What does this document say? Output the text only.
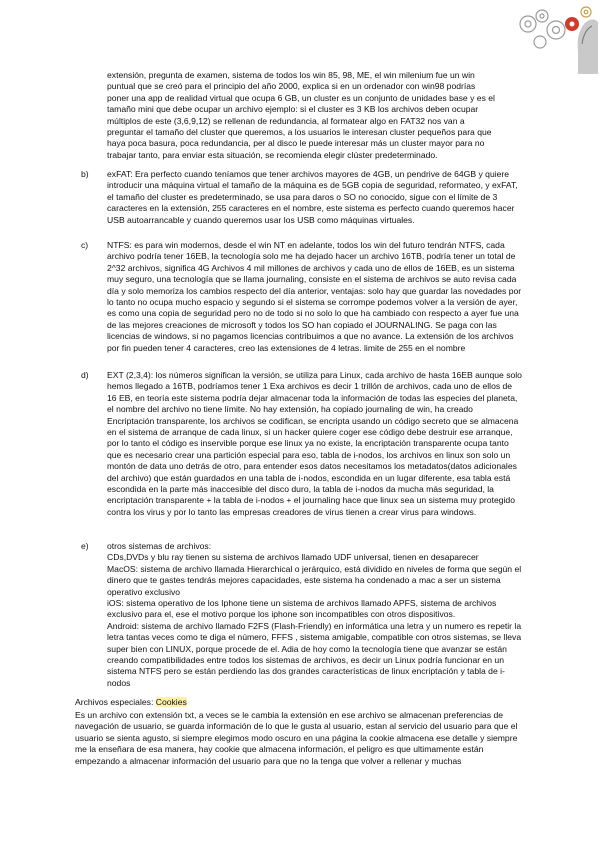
extensión, pregunta de examen, sistema de todos los win 85, 98, ME, el win milenium fue un win puntual que se creó para el principio del año 2000, explica si en un ordenador con win98 podrías poner una app de realidad virtual que ocupa 6 GB, un cluster es un conjunto de unidades base y es el tamaño mini que debe ocupar un archivo ejemplo: si el cluster es 3 KB los archivos deben ocupar múltiplos de este (3,6,9,12) se rellenan de redundancia, al formatear algo en FAT32 nos van a preguntar el tamaño del cluster que queremos, a los usuarios le interesan cluster pequeños para que haya poca basura, poca redundancia, per al disco le puede interesar más un cluster mayor para no trabajar tanto, para enviar esta situación, se recomienda elegir clúster predeterminado.

b) exFAT: Era perfecto cuando teníamos que tener archivos mayores de 4GB, un pendrive de 64GB y quiere introducir una máquina virtual el tamaño de la máquina es de 5GB copia de seguridad, reformateo, y exFAT, el tamaño del cluster es predeterminado, se usa para daros o SO no conocido, sigue con el límite de 3 caracteres en la extensión, 255 caracteres en el nombre, este sistema es perfecto cuando queremos hacer USB autoarrancable y cuando queremos usar los USB como máquinas virtuales.

c) NTFS: es para win modernos, desde el win NT en adelante, todos los win del futuro tendrán NTFS, cada archivo podría tener 16EB, la tecnología solo me ha dejado hacer un archivo 16TB, podría tener un total de 2^32 archivos, significa 4G Archivos 4 mil millones de archivos y cada uno de ellos de 16EB, es un sistema muy seguro, una tecnología que se llama journaling, consiste en el sistema de archivos se auto revisa cada día y solo memoriza los cambios respecto del día anterior, ventajas: solo hay que guardar las novedades por lo tanto no ocupa mucho espacio y segundo si el sistema se corrompe podemos volver a la versión de ayer, es como una copia de seguridad pero no de todo si no solo lo que ha cambiado con respecto a ayer fue una de las mejores creaciones de microsoft y todos los SO han copiado el JOURNALING. Se paga con las licencias de windows, si no pagamos licencias contribuimos a que no avance. La extensión de los archivos por fin pueden tener 4 caracteres, creo las extensiones de 4 letras. limite de 255 en el nombre

d) EXT (2,3,4): los números significan la versión, se utiliza para Linux, cada archivo de hasta 16EB aunque solo hemos llegado a 16TB, podríamos tener 1 Exa archivos es decir 1 trillón de archivos, cada uno de ellos de 16 EB, en teoría este sistema podría dejar almacenar toda la información de todas las especies del planeta, el nombre del archivo no tiene límite. No hay extensión, ha copiado journaling de win, ha creado Encriptación transparente, los archivos se codifican, se encripta usando un código secreto que se almacena en el sistema de arranque de cada linux, si un hacker quiere coger ese código debe destruir ese arranque, por lo tanto el código es inservible porque ese linux ya no existe, la encriptación transparente ocupa tanto que es necesario crear una partición especial para eso, tabla de i-nodos, los archivos en linux son solo un montón de data uno detrás de otro, para entender esos datos necesitamos los metadatos(datos adicionales del archivo) que están guardados en una tabla de i-nodos, escondida en un lugar diferente, esa tabla está escondida en la parte más inaccesible del disco duro, la tabla de i-nodos da mucha más seguridad, la encriptación transparente + la tabla de i-nodos + el journaling hace que linux sea un sistema muy protegido contra los virus y por lo tanto las empresas creadores de virus tienen a crear virus para windows.

e) otros sistemas de archivos:

CDs,DVDs y blu ray tienen su sistema de archivos llamado UDF universal, tienen en desaparecer

MacOS: sistema de archivo llamada Hierarchical o jerárquico, está dividido en niveles de forma que según el dinero que te gastes tendrás mejores capacidades, este sistema ha condenado a mac a ser un sistema operativo exclusivo

iOS: sistema operativo de los Iphone tiene un sistema de archivos llamado APFS, sistema de archivos exclusivo para el, ese el motivo porque los iphone son incompatibles con otros dispositivos.

Android: sistema de archivo llamado F2FS (Flash-Friendly) en informática una letra y un numero es repetir la letra tantas veces como te diga el número, FFFS , sistema amigable, compatible con otros sistemas, se lleva super bien con LINUX, porque procede de el. Adia de hoy como la tecnología tiene que avanzar se están creando compatibilidades entre todos los sistemas de archivos, es decir un Linux podría funcionar en un sistema NTFS pero se están perdiendo las dos grandes características de linux encriptación y tabla de i-nodos

Archivos especiales: Cookies

Es un archivo con extensión txt, a veces se le cambia la extensión en ese archivo se almacenan preferencias de navegación de usuario, se guarda información de lo que le gusta al usuario, estan al servicio del usuario para que el usuario se sienta agusto, si siempre elegimos modo oscuro en una página la cookie almacena ese detalle y siempre me la enseñara de esa manera, hay cookie que almacena información, el peligro es que ultimamente están empezando a almacenar información del usuario para que no la tenga que volver a rellenar y muchas
